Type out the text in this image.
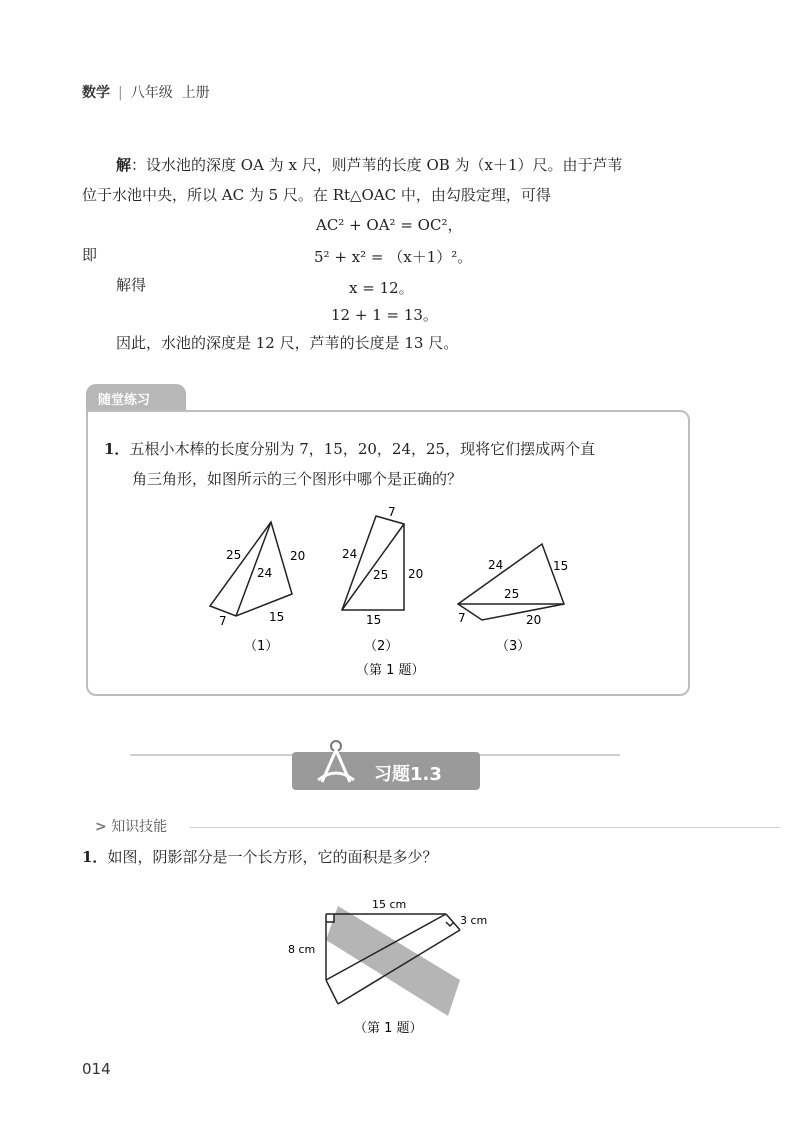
数学 | 八年级 上册
解：设水池的深度 OA 为 x 尺，则芦苇的长度 OB 为（x＋1）尺。由于芦苇
位于水池中央，所以 AC 为 5 尺。在 Rt△OAC 中，由勾股定理，可得
AC² + OA² = OC²，
即	5² + x² = （x＋1）²。
解得	x = 12。
12 + 1 = 13。
因此，水池的深度是 12 尺，芦苇的长度是 13 尺。
随堂练习
1．五根小木棒的长度分别为 7，15，20，24，25，现将它们摆成两个直
角三角形，如图所示的三个图形中哪个是正确的？
25	20
24
7	15
（1）
7
24
25 20
15
（2）
24	15
25
7	20
（3）
（第 1 题）
习题1.3
> 知识技能
1．如图，阴影部分是一个长方形，它的面积是多少？
15 cm
3 cm
8 cm
（第 1 题）
014
